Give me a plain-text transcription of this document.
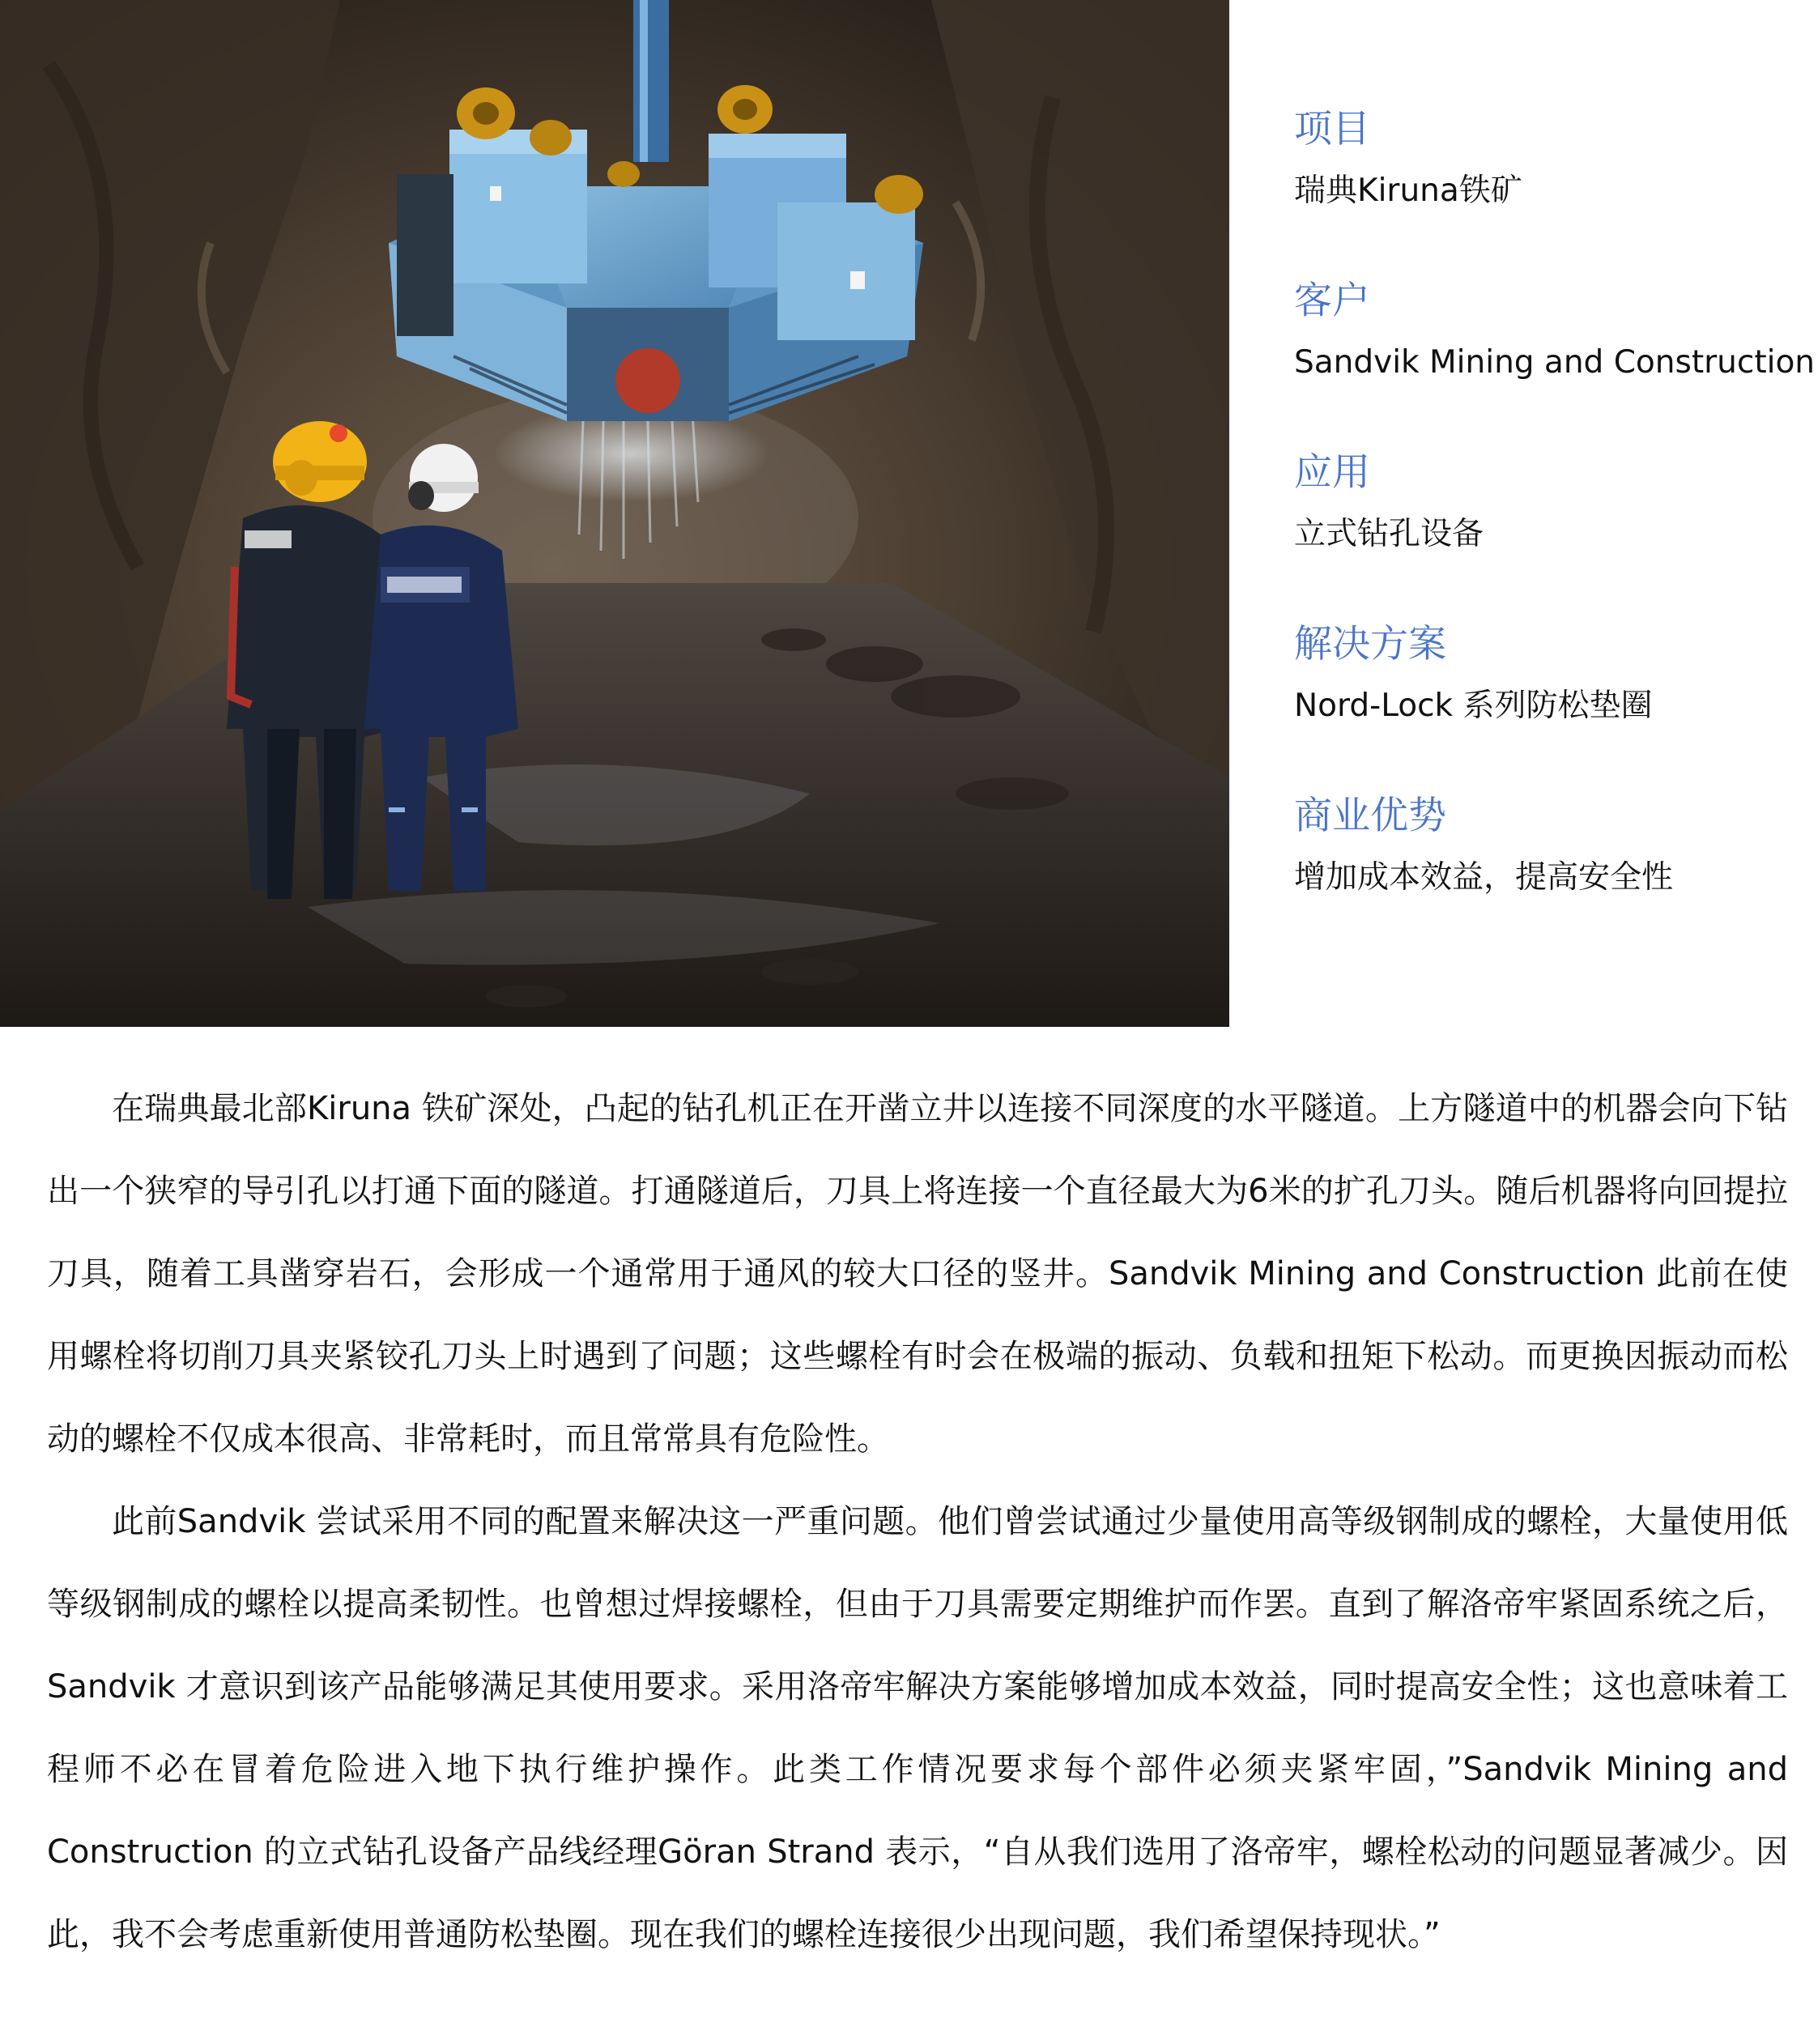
项目
瑞典Kiruna铁矿
客户
Sandvik Mining and Construction
应用
立式钻孔设备
解决方案
Nord-Lock 系列防松垫圈
商业优势
增加成本效益，提高安全性

在瑞典最北部Kiruna 铁矿深处，凸起的钻孔机正在开凿立井以连接不同深度的水平隧道。上方隧道中的机器会向下钻出一个狭窄的导引孔以打通下面的隧道。打通隧道后，刀具上将连接一个直径最大为6米的扩孔刀头。随后机器将向回提拉刀具，随着工具凿穿岩石，会形成一个通常用于通风的较大口径的竖井。Sandvik Mining and Construction 此前在使用螺栓将切削刀具夹紧铰孔刀头上时遇到了问题；这些螺栓有时会在极端的振动、负载和扭矩下松动。而更换因振动而松动的螺栓不仅成本很高、非常耗时，而且常常具有危险性。

此前Sandvik 尝试采用不同的配置来解决这一严重问题。他们曾尝试通过少量使用高等级钢制成的螺栓，大量使用低等级钢制成的螺栓以提高柔韧性。也曾想过焊接螺栓，但由于刀具需要定期维护而作罢。直到了解洛帝牢紧固系统之后，Sandvik 才意识到该产品能够满足其使用要求。采用洛帝牢解决方案能够增加成本效益，同时提高安全性；这也意味着工程师不必在冒着危险进入地下执行维护操作。此类工作情况要求每个部件必须夹紧牢固，”Sandvik Mining and Construction 的立式钻孔设备产品线经理Göran Strand 表示，“自从我们选用了洛帝牢，螺栓松动的问题显著减少。因此，我不会考虑重新使用普通防松垫圈。现在我们的螺栓连接很少出现问题，我们希望保持现状。”
